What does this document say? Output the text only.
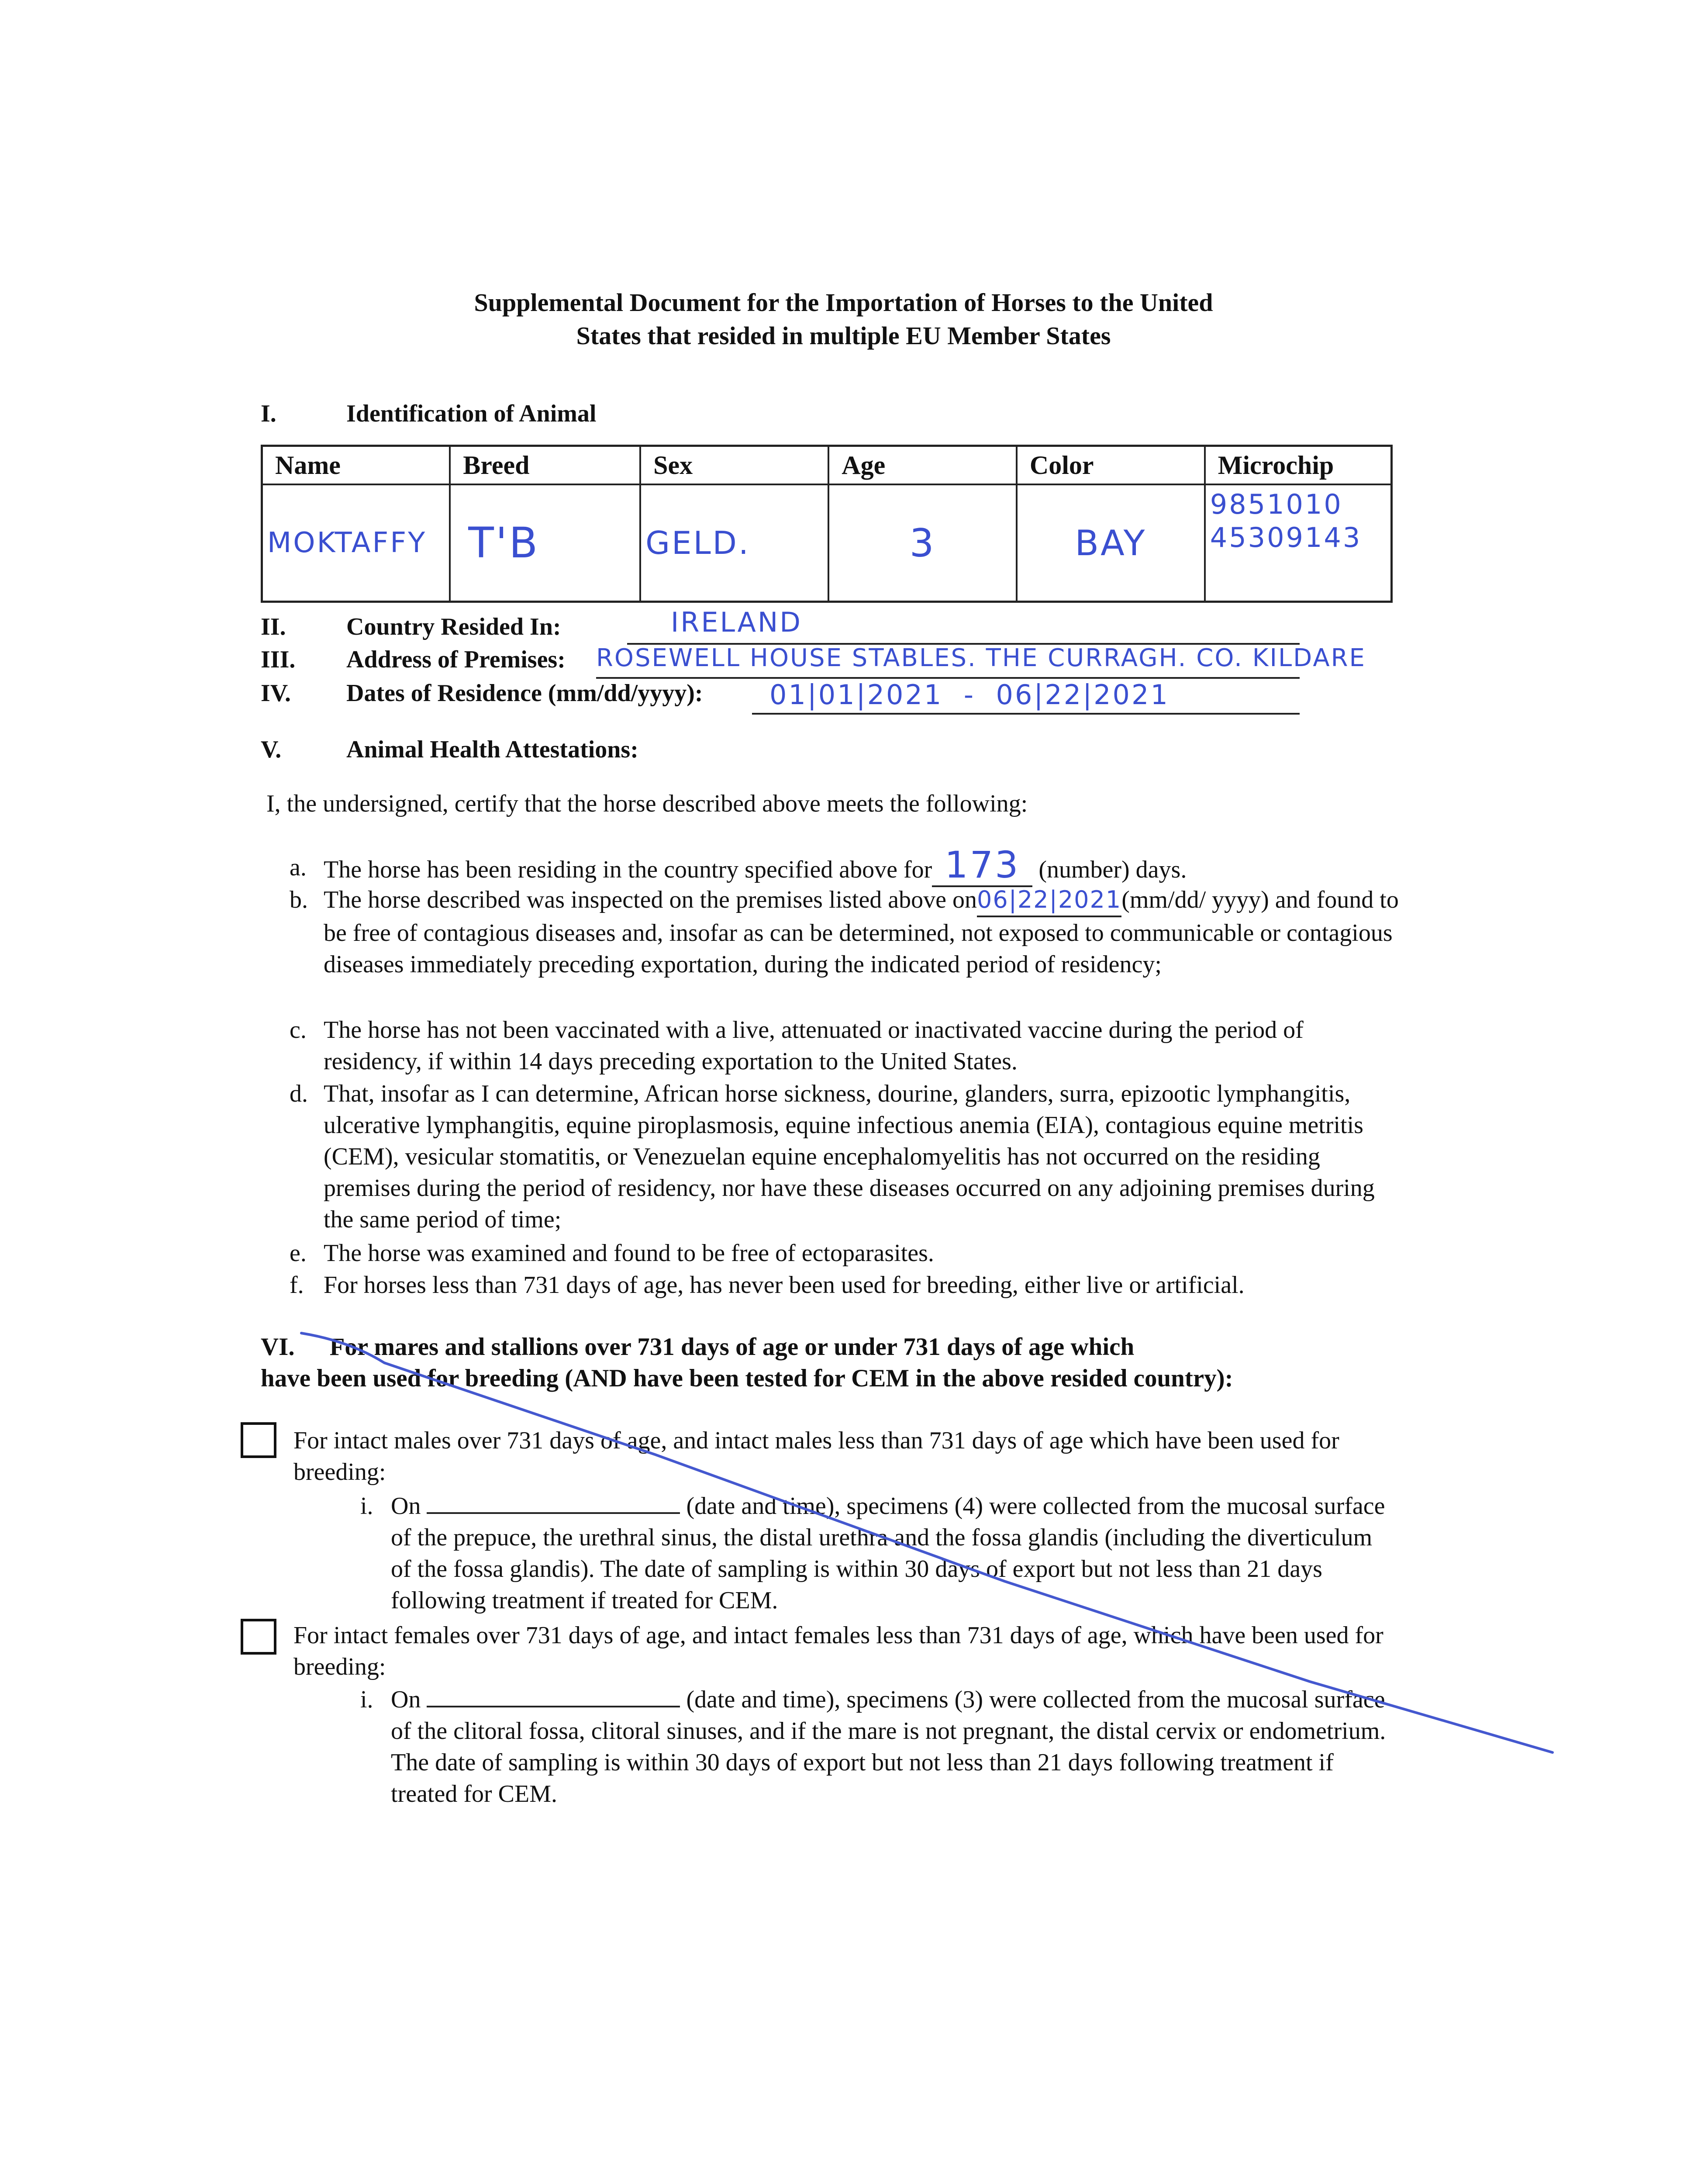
Supplemental Document for the Importation of Horses to the United
States that resided in multiple EU Member States
I.	Identification of Animal
Name	Breed	Sex	Age	Color	Microchip
MOKTAFFY	T'B	GELD.	3	BAY	9851010
45309143
II. Country Resided In:	IRELAND
III. Address of Premises: ROSEWELL HOUSE STABLES. THE CURRAGH. CO. KILDARE
IV. Dates of Residence (mm/dd/yyyy): 01|01|2021  -  06|22|2021
V.	Animal Health Attestations:
I, the undersigned, certify that the horse described above meets the following:
a. The horse has been residing in the country specified above for 173 (number) days.
b. The horse described was inspected on the premises listed above on06|22|2021(mm/dd/ yyyy) and found to be free of contagious diseases and, insofar as can be determined, not exposed to communicable or contagious diseases immediately preceding exportation, during the indicated period of residency;
c. The horse has not been vaccinated with a live, attenuated or inactivated vaccine during the period of residency, if within 14 days preceding exportation to the United States.
d. That, insofar as I can determine, African horse sickness, dourine, glanders, surra, epizootic lymphangitis, ulcerative lymphangitis, equine piroplasmosis, equine infectious anemia (EIA), contagious equine metritis (CEM), vesicular stomatitis, or Venezuelan equine encephalomyelitis has not occurred on the residing premises during the period of residency, nor have these diseases occurred on any adjoining premises during the same period of time;
e. The horse was examined and found to be free of ectoparasites.
f. For horses less than 731 days of age, has never been used for breeding, either live or artificial.
VI. For mares and stallions over 731 days of age or under 731 days of age which
have been used for breeding (AND have been tested for CEM in the above resided country):
For intact males over 731 days of age, and intact males less than 731 days of age which have been used for breeding:
i. On	(date and time), specimens (4) were collected from the mucosal surface of the prepuce, the urethral sinus, the distal urethra and the fossa glandis (including the diverticulum of the fossa glandis). The date of sampling is within 30 days of export but not less than 21 days following treatment if treated for CEM.
For intact females over 731 days of age, and intact females less than 731 days of age, which have been used for breeding:
i. On	(date and time), specimens (3) were collected from the mucosal surface of the clitoral fossa, clitoral sinuses, and if the mare is not pregnant, the distal cervix or endometrium. The date of sampling is within 30 days of export but not less than 21 days following treatment if treated for CEM.
